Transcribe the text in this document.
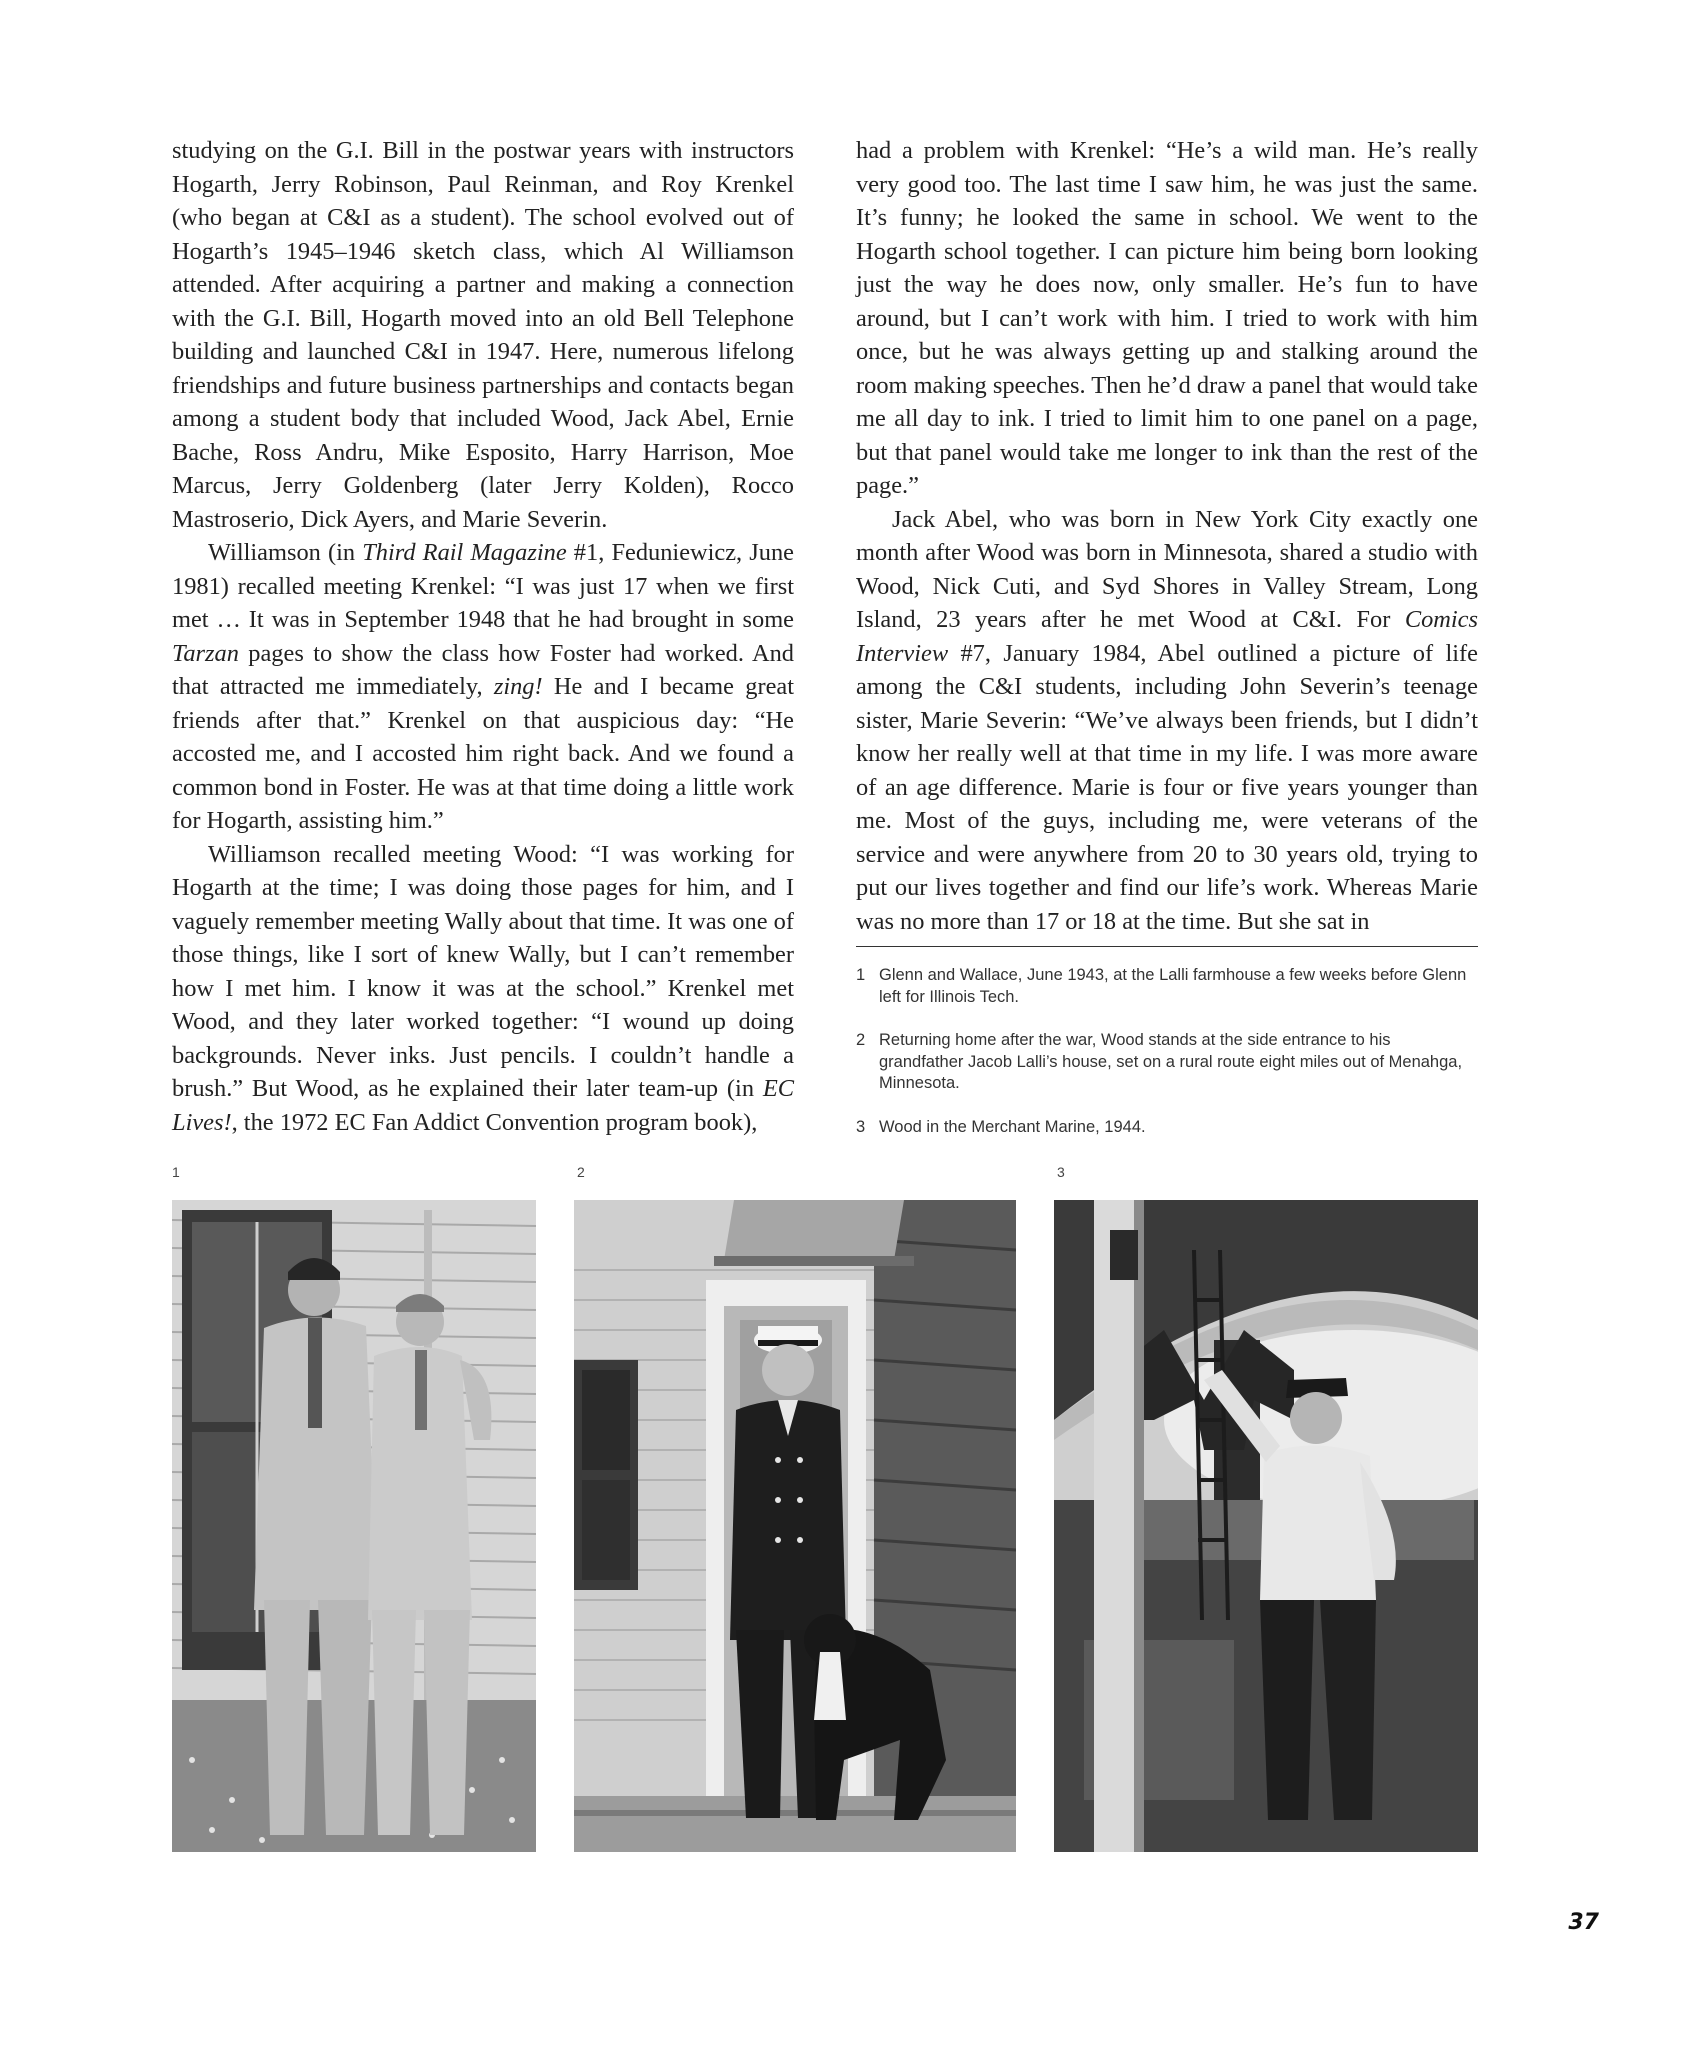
studying on the G.I. Bill in the postwar years with instructors Hogarth, Jerry Robinson, Paul Reinman, and Roy Krenkel (who began at C&I as a student). The school evolved out of Hogarth’s 1945–1946 sketch class, which Al Williamson attended. After acquiring a partner and making a connection with the G.I. Bill, Hogarth moved into an old Bell Telephone building and launched C&I in 1947. Here, numerous lifelong friendships and future business partnerships and contacts began among a student body that included Wood, Jack Abel, Ernie Bache, Ross Andru, Mike Esposito, Harry Harrison, Moe Marcus, Jerry Goldenberg (later Jerry Kolden), Rocco Mastroserio, Dick Ayers, and Marie Severin.

Williamson (in Third Rail Magazine #1, Feduniewicz, June 1981) recalled meeting Krenkel: “I was just 17 when we first met … It was in September 1948 that he had brought in some Tarzan pages to show the class how Foster had worked. And that attracted me immediately, zing! He and I became great friends after that.” Krenkel on that auspicious day: “He accosted me, and I accosted him right back. And we found a common bond in Foster. He was at that time doing a little work for Hogarth, assisting him.”

Williamson recalled meeting Wood: “I was working for Hogarth at the time; I was doing those pages for him, and I vaguely remember meeting Wally about that time. It was one of those things, like I sort of knew Wally, but I can’t remember how I met him. I know it was at the school.” Krenkel met Wood, and they later worked together: “I wound up doing backgrounds. Never inks. Just pencils. I couldn’t handle a brush.” But Wood, as he explained their later team-up (in EC Lives!, the 1972 EC Fan Addict Convention program book),

had a problem with Krenkel: “He’s a wild man. He’s really very good too. The last time I saw him, he was just the same. It’s funny; he looked the same in school. We went to the Hogarth school together. I can picture him being born looking just the way he does now, only smaller. He’s fun to have around, but I can’t work with him. I tried to work with him once, but he was always getting up and stalking around the room making speeches. Then he’d draw a panel that would take me all day to ink. I tried to limit him to one panel on a page, but that panel would take me longer to ink than the rest of the page.”

Jack Abel, who was born in New York City exactly one month after Wood was born in Minnesota, shared a studio with Wood, Nick Cuti, and Syd Shores in Valley Stream, Long Island, 23 years after he met Wood at C&I. For Comics Interview #7, January 1984, Abel outlined a picture of life among the C&I students, including John Severin’s teenage sister, Marie Severin: “We’ve always been friends, but I didn’t know her really well at that time in my life. I was more aware of an age difference. Marie is four or five years younger than me. Most of the guys, including me, were veterans of the service and were anywhere from 20 to 30 years old, trying to put our lives together and find our life’s work. Whereas Marie was no more than 17 or 18 at the time. But she sat in

1 Glenn and Wallace, June 1943, at the Lalli farmhouse a few weeks before Glenn left for Illinois Tech.
2 Returning home after the war, Wood stands at the side entrance to his grandfather Jacob Lalli’s house, set on a rural route eight miles out of Menahga, Minnesota.
3 Wood in the Merchant Marine, 1944.
1	2	3
37
